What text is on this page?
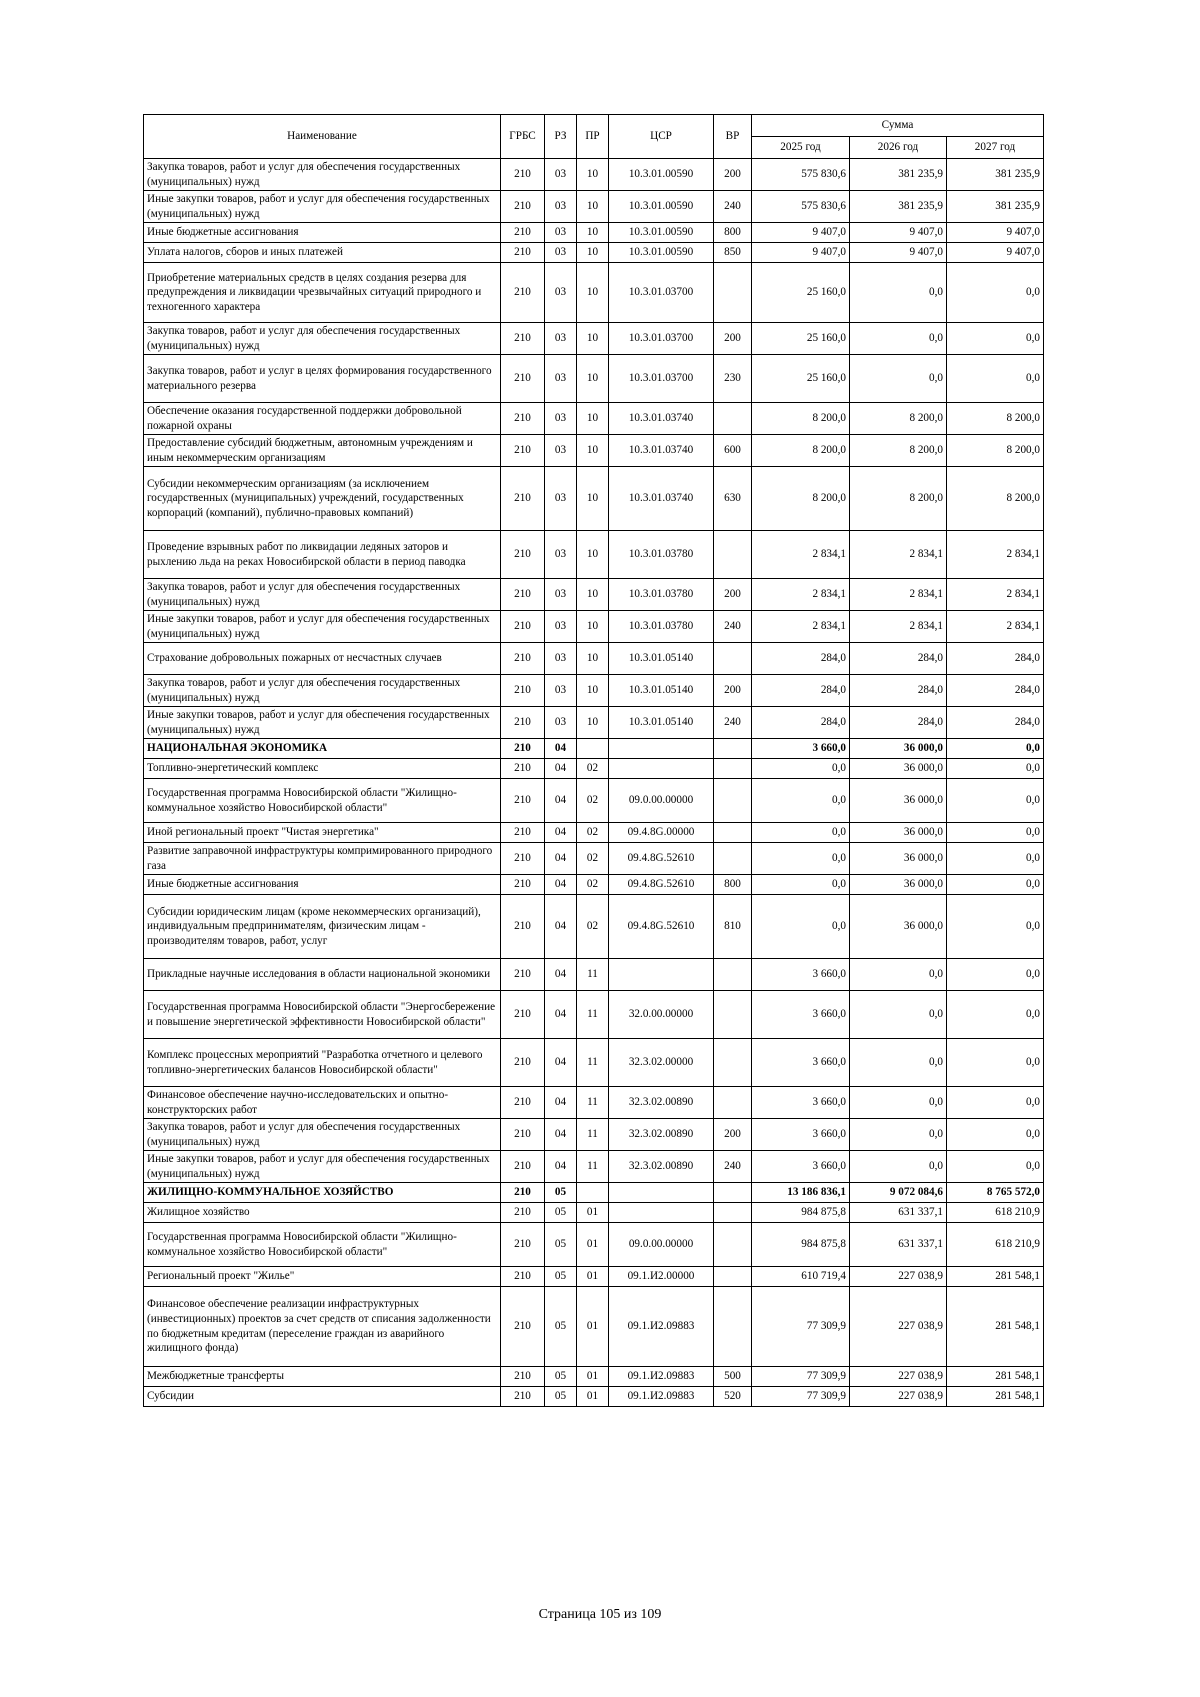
Наименование	ГРБС	РЗ	ПР	ЦСР	ВР	Сумма		
						2025 год	2026 год	2027 год
Закупка товаров, работ и услуг для обеспечения государственных (муниципальных) нужд	210	03	10	10.3.01.00590	200	575 830,6	381 235,9	381 235,9
Иные закупки товаров, работ и услуг для обеспечения государственных (муниципальных) нужд	210	03	10	10.3.01.00590	240	575 830,6	381 235,9	381 235,9
Иные бюджетные ассигнования	210	03	10	10.3.01.00590	800	9 407,0	9 407,0	9 407,0
Уплата налогов, сборов и иных платежей	210	03	10	10.3.01.00590	850	9 407,0	9 407,0	9 407,0
Приобретение материальных средств в целях создания резерва для предупреждения и ликвидации чрезвычайных ситуаций природного и техногенного характера	210	03	10	10.3.01.03700		25 160,0	0,0	0,0
Закупка товаров, работ и услуг для обеспечения государственных (муниципальных) нужд	210	03	10	10.3.01.03700	200	25 160,0	0,0	0,0
Закупка товаров, работ и услуг в целях формирования государственного материального резерва	210	03	10	10.3.01.03700	230	25 160,0	0,0	0,0
Обеспечение оказания государственной поддержки добровольной пожарной охраны	210	03	10	10.3.01.03740		8 200,0	8 200,0	8 200,0
Предоставление субсидий бюджетным, автономным учреждениям и иным некоммерческим организациям	210	03	10	10.3.01.03740	600	8 200,0	8 200,0	8 200,0
Субсидии некоммерческим организациям (за исключением государственных (муниципальных) учреждений, государственных корпораций (компаний), публично-правовых компаний)	210	03	10	10.3.01.03740	630	8 200,0	8 200,0	8 200,0
Проведение взрывных работ по ликвидации ледяных заторов и рыхлению льда на реках Новосибирской области в период паводка	210	03	10	10.3.01.03780		2 834,1	2 834,1	2 834,1
Закупка товаров, работ и услуг для обеспечения государственных (муниципальных) нужд	210	03	10	10.3.01.03780	200	2 834,1	2 834,1	2 834,1
Иные закупки товаров, работ и услуг для обеспечения государственных (муниципальных) нужд	210	03	10	10.3.01.03780	240	2 834,1	2 834,1	2 834,1
Страхование добровольных пожарных от несчастных случаев	210	03	10	10.3.01.05140		284,0	284,0	284,0
Закупка товаров, работ и услуг для обеспечения государственных (муниципальных) нужд	210	03	10	10.3.01.05140	200	284,0	284,0	284,0
Иные закупки товаров, работ и услуг для обеспечения государственных (муниципальных) нужд	210	03	10	10.3.01.05140	240	284,0	284,0	284,0
НАЦИОНАЛЬНАЯ ЭКОНОМИКА	210	04				3 660,0	36 000,0	0,0
Топливно-энергетический комплекс	210	04	02			0,0	36 000,0	0,0
Государственная программа Новосибирской области "Жилищно-коммунальное хозяйство Новосибирской области"	210	04	02	09.0.00.00000		0,0	36 000,0	0,0
Иной региональный проект "Чистая энергетика"	210	04	02	09.4.8G.00000		0,0	36 000,0	0,0
Развитие заправочной инфраструктуры компримированного природного газа	210	04	02	09.4.8G.52610		0,0	36 000,0	0,0
Иные бюджетные ассигнования	210	04	02	09.4.8G.52610	800	0,0	36 000,0	0,0
Субсидии юридическим лицам (кроме некоммерческих организаций), индивидуальным предпринимателям, физическим лицам - производителям товаров, работ, услуг	210	04	02	09.4.8G.52610	810	0,0	36 000,0	0,0
Прикладные научные исследования в области национальной экономики	210	04	11			3 660,0	0,0	0,0
Государственная программа Новосибирской области "Энергосбережение и повышение энергетической эффективности Новосибирской области"	210	04	11	32.0.00.00000		3 660,0	0,0	0,0
Комплекс процессных мероприятий "Разработка отчетного и целевого топливно-энергетических балансов Новосибирской области"	210	04	11	32.3.02.00000		3 660,0	0,0	0,0
Финансовое обеспечение научно-исследовательских и опытно-конструкторских работ	210	04	11	32.3.02.00890		3 660,0	0,0	0,0
Закупка товаров, работ и услуг для обеспечения государственных (муниципальных) нужд	210	04	11	32.3.02.00890	200	3 660,0	0,0	0,0
Иные закупки товаров, работ и услуг для обеспечения государственных (муниципальных) нужд	210	04	11	32.3.02.00890	240	3 660,0	0,0	0,0
ЖИЛИЩНО-КОММУНАЛЬНОЕ ХОЗЯЙСТВО	210	05				13 186 836,1	9 072 084,6	8 765 572,0
Жилищное хозяйство	210	05	01			984 875,8	631 337,1	618 210,9
Государственная программа Новосибирской области "Жилищно-коммунальное хозяйство Новосибирской области"	210	05	01	09.0.00.00000		984 875,8	631 337,1	618 210,9
Региональный проект "Жилье"	210	05	01	09.1.И2.00000		610 719,4	227 038,9	281 548,1
Финансовое обеспечение реализации инфраструктурных (инвестиционных) проектов за счет средств от списания задолженности по бюджетным кредитам (переселение граждан из аварийного жилищного фонда)	210	05	01	09.1.И2.09883		77 309,9	227 038,9	281 548,1
Межбюджетные трансферты	210	05	01	09.1.И2.09883	500	77 309,9	227 038,9	281 548,1
Субсидии	210	05	01	09.1.И2.09883	520	77 309,9	227 038,9	281 548,1
Страница 105 из 109
